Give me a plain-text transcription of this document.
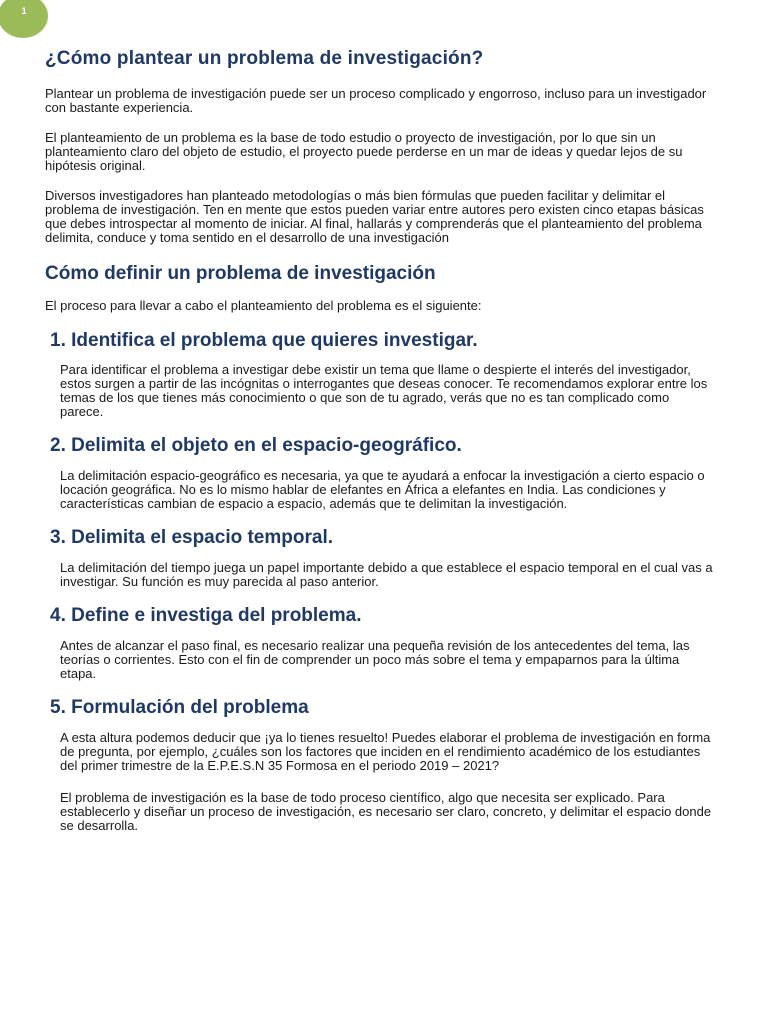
1
¿Cómo plantear un problema de investigación?

Plantear un problema de investigación puede ser un proceso complicado y engorroso, incluso para un investigador con bastante experiencia.

El planteamiento de un problema es la base de todo estudio o proyecto de investigación, por lo que sin un planteamiento claro del objeto de estudio, el proyecto puede perderse en un mar de ideas y quedar lejos de su hipótesis original.

Diversos investigadores han planteado metodologías o más bien fórmulas que pueden facilitar y delimitar el problema de investigación. Ten en mente que estos pueden variar entre autores pero existen cinco etapas básicas que debes introspectar al momento de iniciar. Al final, hallarás y comprenderás que el planteamiento del problema delimita, conduce y toma sentido en el desarrollo de una investigación

Cómo definir un problema de investigación

El proceso para llevar a cabo el planteamiento del problema es el siguiente:

1. Identifica el problema que quieres investigar.

Para identificar el problema a investigar debe existir un tema que llame o despierte el interés del investigador, estos surgen a partir de las incógnitas o interrogantes que deseas conocer. Te recomendamos explorar entre los temas de los que tienes más conocimiento o que son de tu agrado, verás que no es tan complicado como parece.

2. Delimita el objeto en el espacio-geográfico.

La delimitación espacio-geográfico es necesaria, ya que te ayudará a enfocar la investigación a cierto espacio o locación geográfica. No es lo mismo hablar de elefantes en África a elefantes en India. Las condiciones y características cambian de espacio a espacio, además que te delimitan la investigación.

3. Delimita el espacio temporal.

La delimitación del tiempo juega un papel importante debido a que establece el espacio temporal en el cual vas a investigar. Su función es muy parecida al paso anterior.

4. Define e investiga del problema.

Antes de alcanzar el paso final, es necesario realizar una pequeña revisión de los antecedentes del tema, las teorías o corrientes. Esto con el fin de comprender un poco más sobre el tema y empaparnos para la última etapa.

5. Formulación del problema

A esta altura podemos deducir que ¡ya lo tienes resuelto! Puedes elaborar el problema de investigación en forma de pregunta, por ejemplo, ¿cuáles son los factores que inciden en el rendimiento académico de los estudiantes del primer trimestre de la E.P.E.S.N 35 Formosa en el periodo 2019 – 2021?

El problema de investigación es la base de todo proceso científico, algo que necesita ser explicado. Para establecerlo y diseñar un proceso de investigación, es necesario ser claro, concreto, y delimitar el espacio donde se desarrolla.
